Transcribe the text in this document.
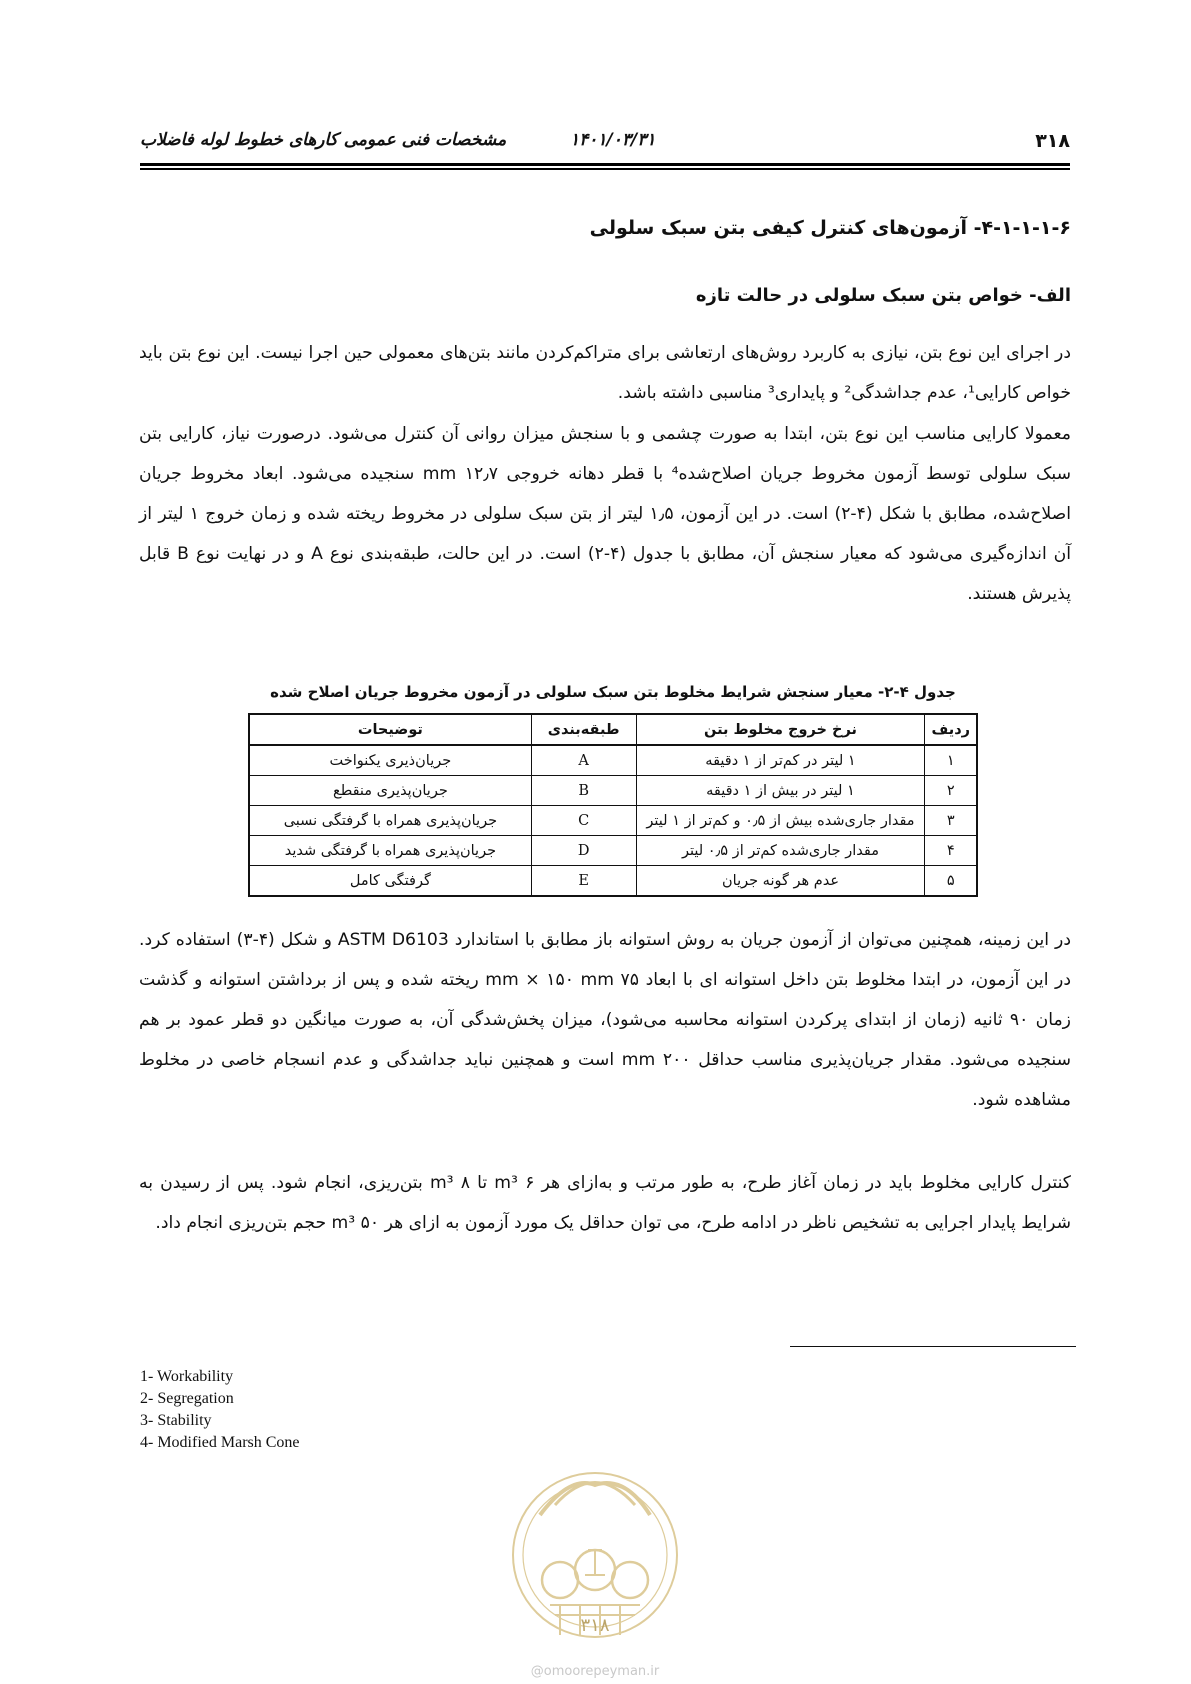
۳۱۸
۱۴۰۱/۰۳/۳۱
مشخصات فنی عمومی کارهای خطوط لوله فاضلاب
۴-۱-۱-۱-۶- آزمون‌های کنترل کیفی بتن سبک سلولی
الف- خواص بتن سبک سلولی در حالت تازه

در اجرای این نوع بتن، نیازی به کاربرد روش‌های ارتعاشی برای متراکم‌کردن مانند بتن‌های معمولی حین اجرا نیست. این نوع بتن باید خواص کارایی¹، عدم جداشدگی² و پایداری³ مناسبی داشته باشد.

معمولا کارایی مناسب این نوع بتن، ابتدا به صورت چشمی و با سنجش میزان روانی آن کنترل می‌شود. درصورت نیاز، کارایی بتن سبک سلولی توسط آزمون مخروط جریان اصلاح‌شده⁴ با قطر دهانه خروجی ۱۲٫۷ mm سنجیده می‌شود. ابعاد مخروط جریان اصلاح‌شده، مطابق با شکل (۴-۲) است. در این آزمون، ۱٫۵ لیتر از بتن سبک سلولی در مخروط ریخته شده و زمان خروج ۱ لیتر از آن اندازه‌گیری می‌شود که معیار سنجش آن، مطابق با جدول (۴-۲) است. در این حالت، طبقه‌بندی نوع A و در نهایت نوع B قابل پذیرش هستند.

جدول ۴-۲- معیار سنجش شرایط مخلوط بتن سبک سلولی در آزمون مخروط جریان اصلاح شده
ردیف	نرخ خروج مخلوط بتن	طبقه‌بندی	توضیحات
۱	۱ لیتر در کم‌تر از ۱ دقیقه	A	جریان‌ذیری یکنواخت
۲	۱ لیتر در بیش از ۱ دقیقه	B	جریان‌پذیری منقطع
۳	مقدار جاری‌شده بیش از ۰٫۵ و کم‌تر از ۱ لیتر	C	جریان‌پذیری همراه با گرفتگی نسبی
۴	مقدار جاری‌شده کم‌تر از ۰٫۵ لیتر	D	جریان‌پذیری همراه با گرفتگی شدید
۵	عدم هر گونه جریان	E	گرفتگی کامل

در این زمینه، همچنین می‌توان از آزمون جریان به روش استوانه باز مطابق با استاندارد ASTM D6103 و شکل (۴-۳) استفاده کرد. در این آزمون، در ابتدا مخلوط بتن داخل استوانه ای با ابعاد ۷۵ mm × ۱۵۰ mm ریخته شده و پس از برداشتن استوانه و گذشت زمان ۹۰ ثانیه (زمان از ابتدای پرکردن استوانه محاسبه می‌شود)، میزان پخش‌شدگی آن، به صورت میانگین دو قطر عمود بر هم سنجیده می‌شود. مقدار جریان‌پذیری مناسب حداقل ۲۰۰ mm است و همچنین نباید جداشدگی و عدم انسجام خاصی در مخلوط مشاهده شود.

کنترل کارایی مخلوط باید در زمان آغاز طرح، به طور مرتب و به‌ازای هر ۶ m³ تا ۸ m³ بتن‌ریزی، انجام شود. پس از رسیدن به شرایط پایدار اجرایی به تشخیص ناظر در ادامه طرح، می توان حداقل یک مورد آزمون به ازای هر ۵۰ m³ حجم بتن‌ریزی انجام داد.

1- Workability
2- Segregation
3- Stability
4- Modified Marsh Cone
۳۱۸
@omoorepeyman.ir
